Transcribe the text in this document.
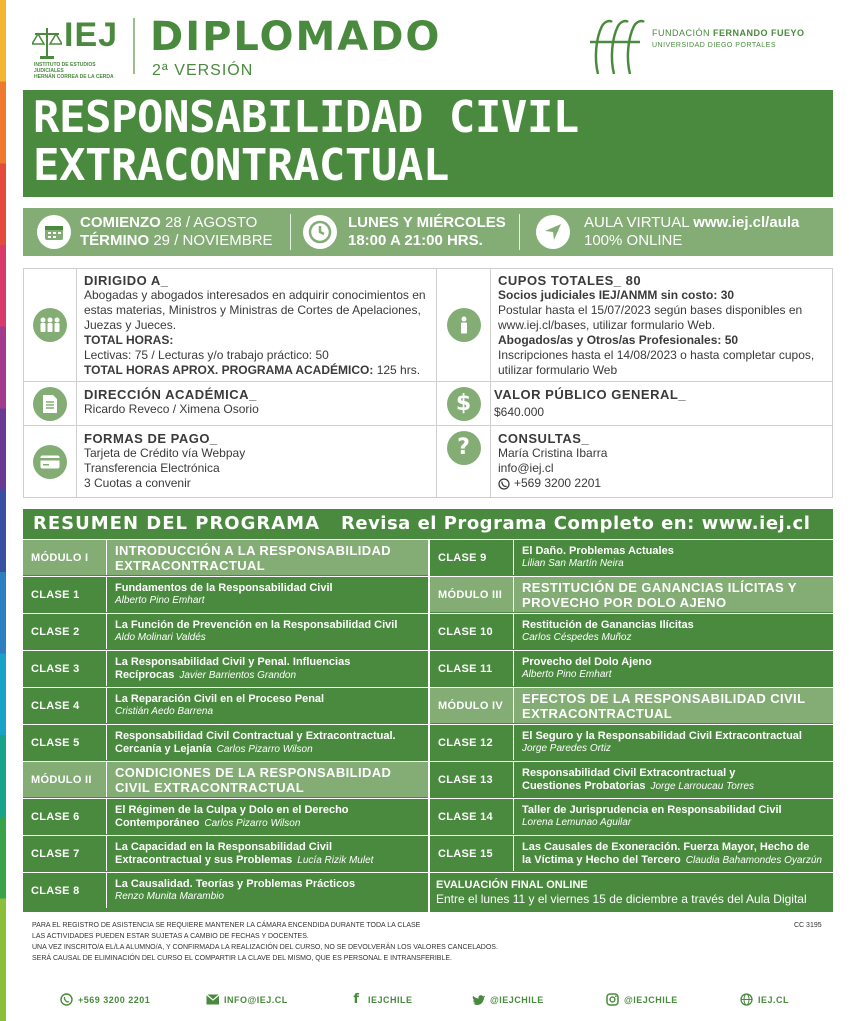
IEJ
INSTITUTO DE ESTUDIOS JUDICIALES
HERNÁN CORREA DE LA CERDA
DIPLOMADO
2ª VERSIÓN
FUNDACIÓN FERNANDO FUEYO
UNIVERSIDAD DIEGO PORTALES
RESPONSABILIDAD CIVIL
EXTRACONTRACTUAL
COMIENZO 28 / AGOSTO
TÉRMINO 29 / NOVIEMBRE
LUNES Y MIÉRCOLES
18:00 A 21:00 HRS.
AULA VIRTUAL www.iej.cl/aula
100% ONLINE
DIRIGIDO A_
Abogadas y abogados interesados en adquirir conocimientos en estas materias, Ministros y Ministras de Cortes de Apelaciones, Juezas y Jueces.
TOTAL HORAS:
Lectivas: 75 / Lecturas y/o trabajo práctico: 50
TOTAL HORAS APROX. PROGRAMA ACADÉMICO: 125 hrs.
CUPOS TOTALES_ 80
Socios judiciales IEJ/ANMM sin costo: 30
Postular hasta el 15/07/2023 según bases disponibles en www.iej.cl/bases, utilizar formulario Web.
Abogados/as y Otros/as Profesionales: 50
Inscripciones hasta el 14/08/2023 o hasta completar cupos, utilizar formulario Web
DIRECCIÓN ACADÉMICA_
Ricardo Reveco / Ximena Osorio	$ VALOR PÚBLICO GENERAL_
$640.000
FORMAS DE PAGO_
Tarjeta de Crédito vía Webpay
Transferencia Electrónica
3 Cuotas a convenir
? CONSULTAS_
María Cristina Ibarra
info@iej.cl
+569 3200 2201
RESUMEN DEL PROGRAMA Revisa el Programa Completo en: www.iej.cl
MÓDULO I	INTRODUCCIÓN A LA RESPONSABILIDAD EXTRACONTRACTUAL
CLASE 1
Fundamentos de la Responsabilidad Civil
Alberto Pino Emhart
CLASE 2
La Función de Prevención en la Responsabilidad Civil
Aldo Molinari Valdés
CLASE 3
La Responsabilidad Civil y Penal. Influencias
Recíprocas Javier Barrientos Grandon
CLASE 4
La Reparación Civil en el Proceso Penal
Cristián Aedo Barrena
CLASE 5
Responsabilidad Civil Contractual y Extracontractual.
Cercanía y Lejanía Carlos Pizarro Wilson
MÓDULO II	CONDICIONES DE LA RESPONSABILIDAD CIVIL EXTRACONTRACTUAL
CLASE 6
El Régimen de la Culpa y Dolo en el Derecho
Contemporáneo Carlos Pizarro Wilson
CLASE 7
La Capacidad en la Responsabilidad Civil
Extracontractual y sus Problemas Lucía Rizik Mulet
CLASE 8
La Causalidad. Teorías y Problemas Prácticos
Renzo Munita Marambio
CLASE 9
El Daño. Problemas Actuales
Lilian San Martín Neira
MÓDULO III	RESTITUCIÓN DE GANANCIAS ILÍCITAS Y PROVECHO POR DOLO AJENO
CLASE 10
Restitución de Ganancias Ilícitas
Carlos Céspedes Muñoz
CLASE 11
Provecho del Dolo Ajeno
Alberto Pino Emhart
MÓDULO IV	EFECTOS DE LA RESPONSABILIDAD CIVIL EXTRACONTRACTUAL
CLASE 12
El Seguro y la Responsabilidad Civil Extracontractual
Jorge Paredes Ortiz
CLASE 13
Responsabilidad Civil Extracontractual y
Cuestiones Probatorias Jorge Larroucau Torres
CLASE 14
Taller de Jurisprudencia en Responsabilidad Civil
Lorena Lemunao Aguilar
CLASE 15
Las Causales de Exoneración. Fuerza Mayor, Hecho de
la Víctima y Hecho del Tercero Claudia Bahamondes Oyarzún
EVALUACIÓN FINAL ONLINE
Entre el lunes 11 y el viernes 15 de diciembre a través del Aula Digital
PARA EL REGISTRO DE ASISTENCIA SE REQUIERE MANTENER LA CÁMARA ENCENDIDA DURANTE TODA LA CLASE
LAS ACTIVIDADES PUEDEN ESTAR SUJETAS A CAMBIO DE FECHAS Y DOCENTES.
UNA VEZ INSCRITO/A EL/LA ALUMNO/A, Y CONFIRMADA LA REALIZACIÓN DEL CURSO, NO SE DEVOLVERÁN LOS VALORES CANCELADOS.
SERÁ CAUSAL DE ELIMINACIÓN DEL CURSO EL COMPARTIR LA CLAVE DEL MISMO, QUE ES PERSONAL E INTRANSFERIBLE.
CC 3195
+569 3200 2201	INFO@IEJ.CL	f IEJCHILE	@IEJCHILE	@IEJCHILE	IEJ.CL
